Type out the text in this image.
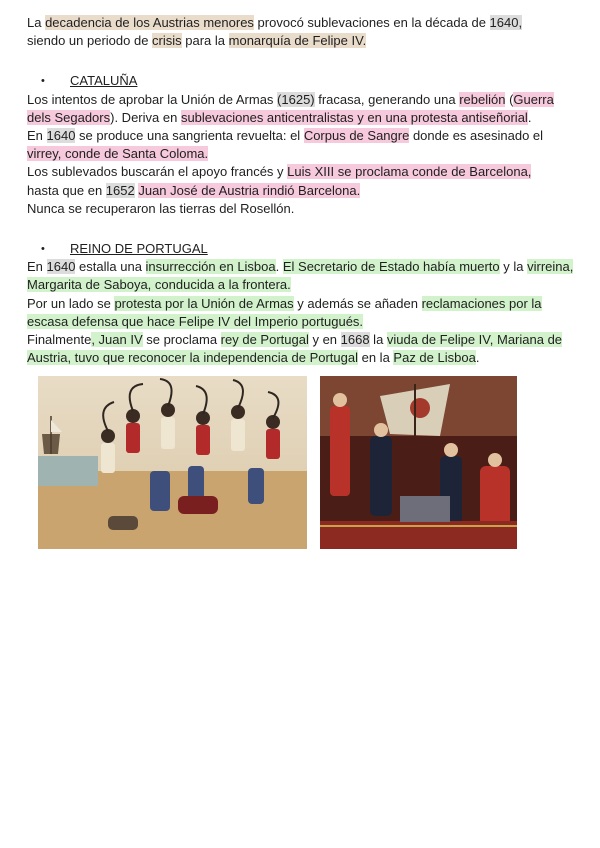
La decadencia de los Austrias menores provocó sublevaciones en la década de 1640,
siendo un periodo de crisis para la monarquía de Felipe IV.

• CATALUÑA

Los intentos de aprobar la Unión de Armas (1625) fracasa, generando una rebelión (Guerra dels Segadors). Deriva en sublevaciones anticentralistas y en una protesta antiseñorial.
En 1640 se produce una sangrienta revuelta: el Corpus de Sangre donde es asesinado el virrey, conde de Santa Coloma.
Los sublevados buscarán el apoyo francés y Luis XIII se proclama conde de Barcelona,
hasta que en 1652 Juan José de Austria rindió Barcelona.
Nunca se recuperaron las tierras del Rosellón.

• REINO DE PORTUGAL

En 1640 estalla una insurrección en Lisboa. El Secretario de Estado había muerto y la virreina, Margarita de Saboya, conducida a la frontera.
Por un lado se protesta por la Unión de Armas y además se añaden reclamaciones por la escasa defensa que hace Felipe IV del Imperio portugués.
Finalmente, Juan IV se proclama rey de Portugal y en 1668 la viuda de Felipe IV, Mariana de Austria, tuvo que reconocer la independencia de Portugal en la Paz de Lisboa.
